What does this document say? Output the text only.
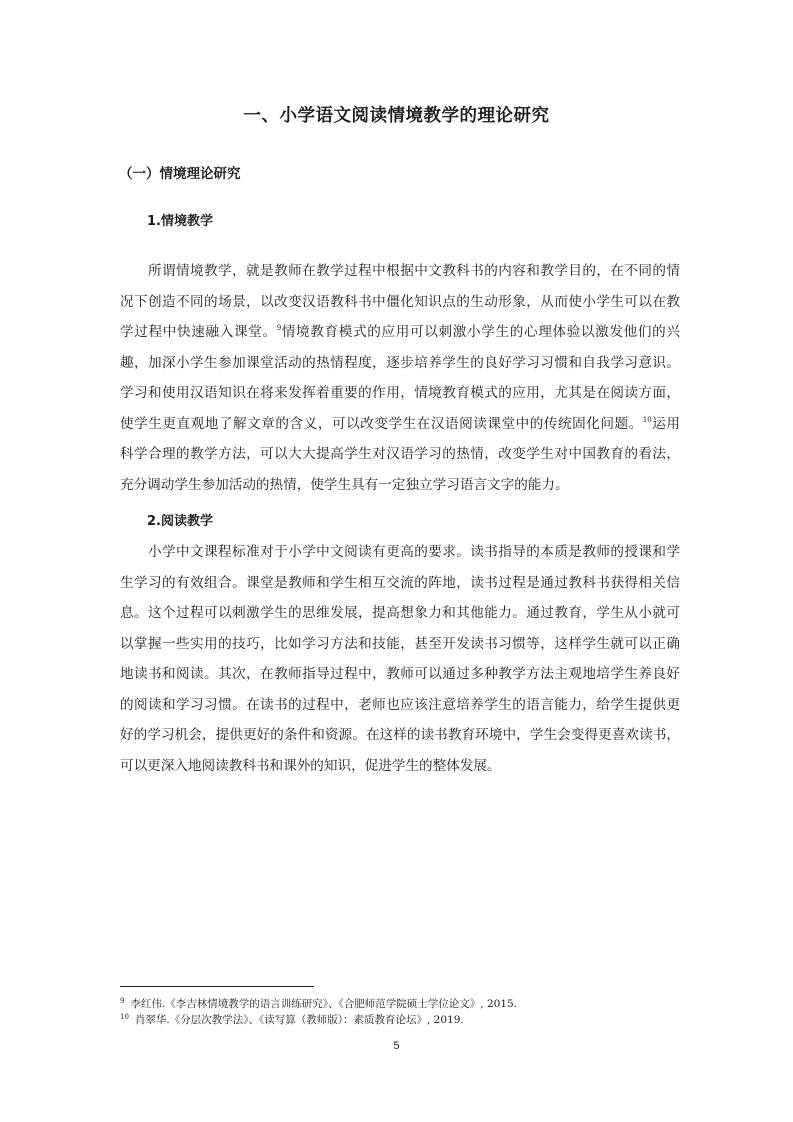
一、小学语文阅读情境教学的理论研究
（一）情境理论研究
1.情境教学
所谓情境教学，就是教师在教学过程中根据中文教科书的内容和教学目的，在不同的情
况下创造不同的场景，以改变汉语教科书中僵化知识点的生动形象，从而使小学生可以在教
学过程中快速融入课堂。$^9$情境教育模式的应用可以刺激小学生的心理体验以激发他们的兴
趣，加深小学生参加课堂活动的热情程度，逐步培养学生的良好学习习惯和自我学习意识。
学习和使用汉语知识在将来发挥着重要的作用，情境教育模式的应用，尤其是在阅读方面，
使学生更直观地了解文章的含义，可以改变学生在汉语阅读课堂中的传统固化问题。$^{10}$运用
科学合理的教学方法，可以大大提高学生对汉语学习的热情，改变学生对中国教育的看法，
充分调动学生参加活动的热情，使学生具有一定独立学习语言文字的能力。
2.阅读教学
小学中文课程标准对于小学中文阅读有更高的要求。读书指导的本质是教师的授课和学
生学习的有效组合。课堂是教师和学生相互交流的阵地，读书过程是通过教科书获得相关信
息。这个过程可以刺激学生的思维发展，提高想象力和其他能力。通过教育，学生从小就可
以掌握一些实用的技巧，比如学习方法和技能，甚至开发读书习惯等，这样学生就可以正确
地读书和阅读。其次，在教师指导过程中，教师可以通过多种教学方法主观地培学生养良好
的阅读和学习习惯。在读书的过程中，老师也应该注意培养学生的语言能力，给学生提供更
好的学习机会，提供更好的条件和资源。在这样的读书教育环境中，学生会变得更喜欢读书，
可以更深入地阅读教科书和课外的知识，促进学生的整体发展。
$^9$ 李红伟.《李吉林情境教学的语言训练研究》、《合肥师范学院硕士学位论文》, 2015.
$^{10}$ 肖翠华.《分层次教学法》、《读写算（教师版）：素质教育论坛》, 2019.
5
